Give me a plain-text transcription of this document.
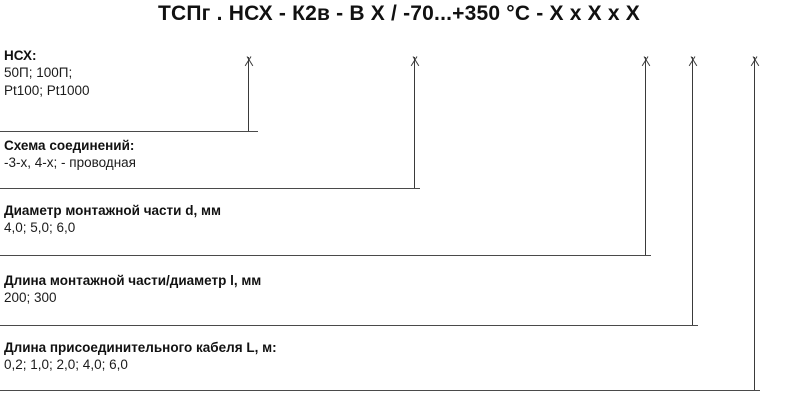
ТСПг . НСХ - К2в - В X / -70...+350 °C - X x X x X
НСХ:
50П; 100П;
Pt100; Pt1000
Схема соединений:
-3-х, 4-х; - проводная
Диаметр монтажной части d, мм
4,0; 5,0; 6,0
Длина монтажной части/диаметр l, мм
200; 300
Длина присоединительного кабеля L, м:
0,2; 1,0; 2,0; 4,0; 6,0
